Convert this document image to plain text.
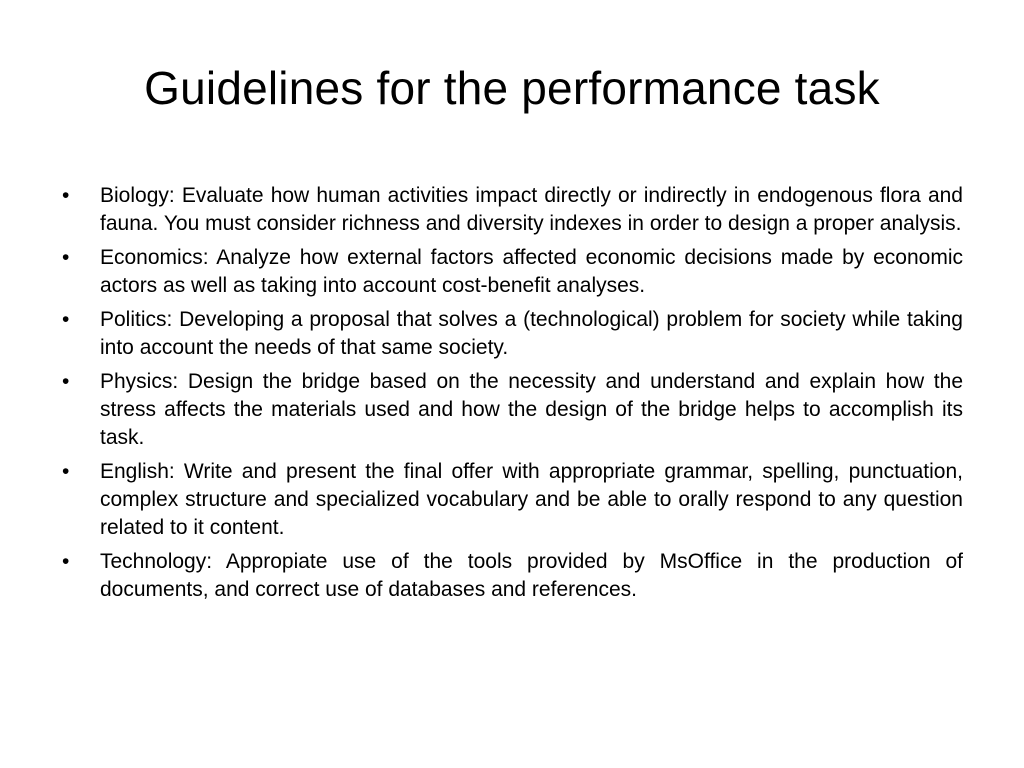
Guidelines for the performance task
• Biology: Evaluate how human activities impact directly or indirectly in endogenous flora and fauna. You must consider richness and diversity indexes in order to design a proper analysis.
• Economics: Analyze how external factors affected economic decisions made by economic actors as well as taking into account cost-benefit analyses.
• Politics: Developing a proposal that solves a (technological) problem for society while taking into account the needs of that same society.
• Physics: Design the bridge based on the necessity and understand and explain how the stress affects the materials used and how the design of the bridge helps to accomplish its task.
• English: Write and present the final offer with appropriate grammar, spelling, punctuation, complex structure and specialized vocabulary and be able to orally respond to any question related to it content.
• Technology: Appropiate use of the tools provided by MsOffice in the production of documents, and correct use of databases and references.
